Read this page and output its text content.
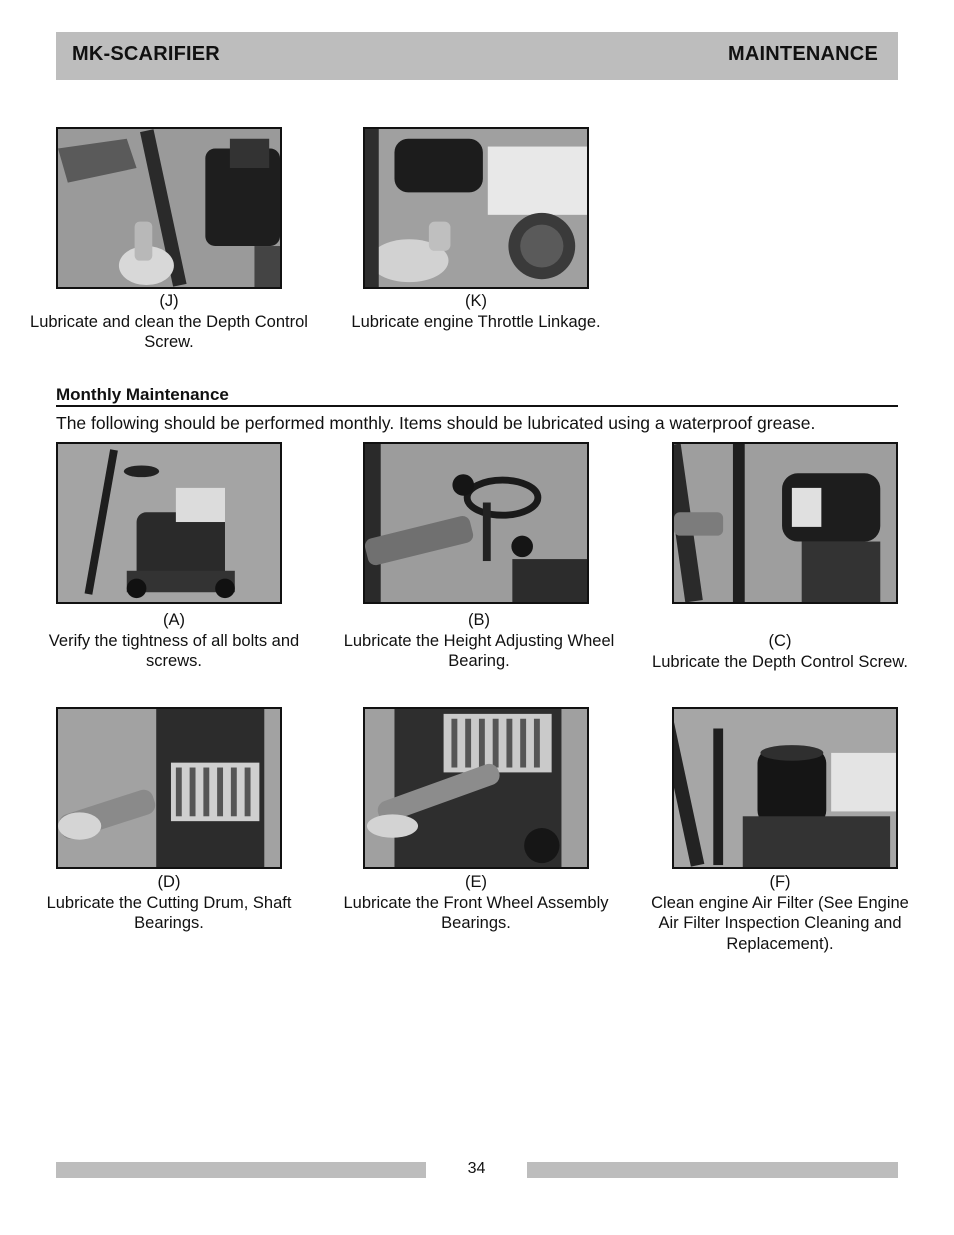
MK-SCARIFIER	MAINTENANCE
(J)
Lubricate and clean the Depth Control Screw.
(K)
Lubricate engine Throttle Linkage.
Monthly Maintenance
The following should be performed monthly. Items should be lubricated using a waterproof grease.
(A)
Verify the tightness of all bolts and screws.
(B)
Lubricate the Height Adjusting Wheel Bearing.
(C)
Lubricate the Depth Control Screw.
(D)
Lubricate the Cutting Drum, Shaft Bearings.
(E)
Lubricate the Front Wheel Assembly Bearings.
(F)
Clean engine Air Filter (See Engine Air Filter Inspection Cleaning and Replacement).
34
